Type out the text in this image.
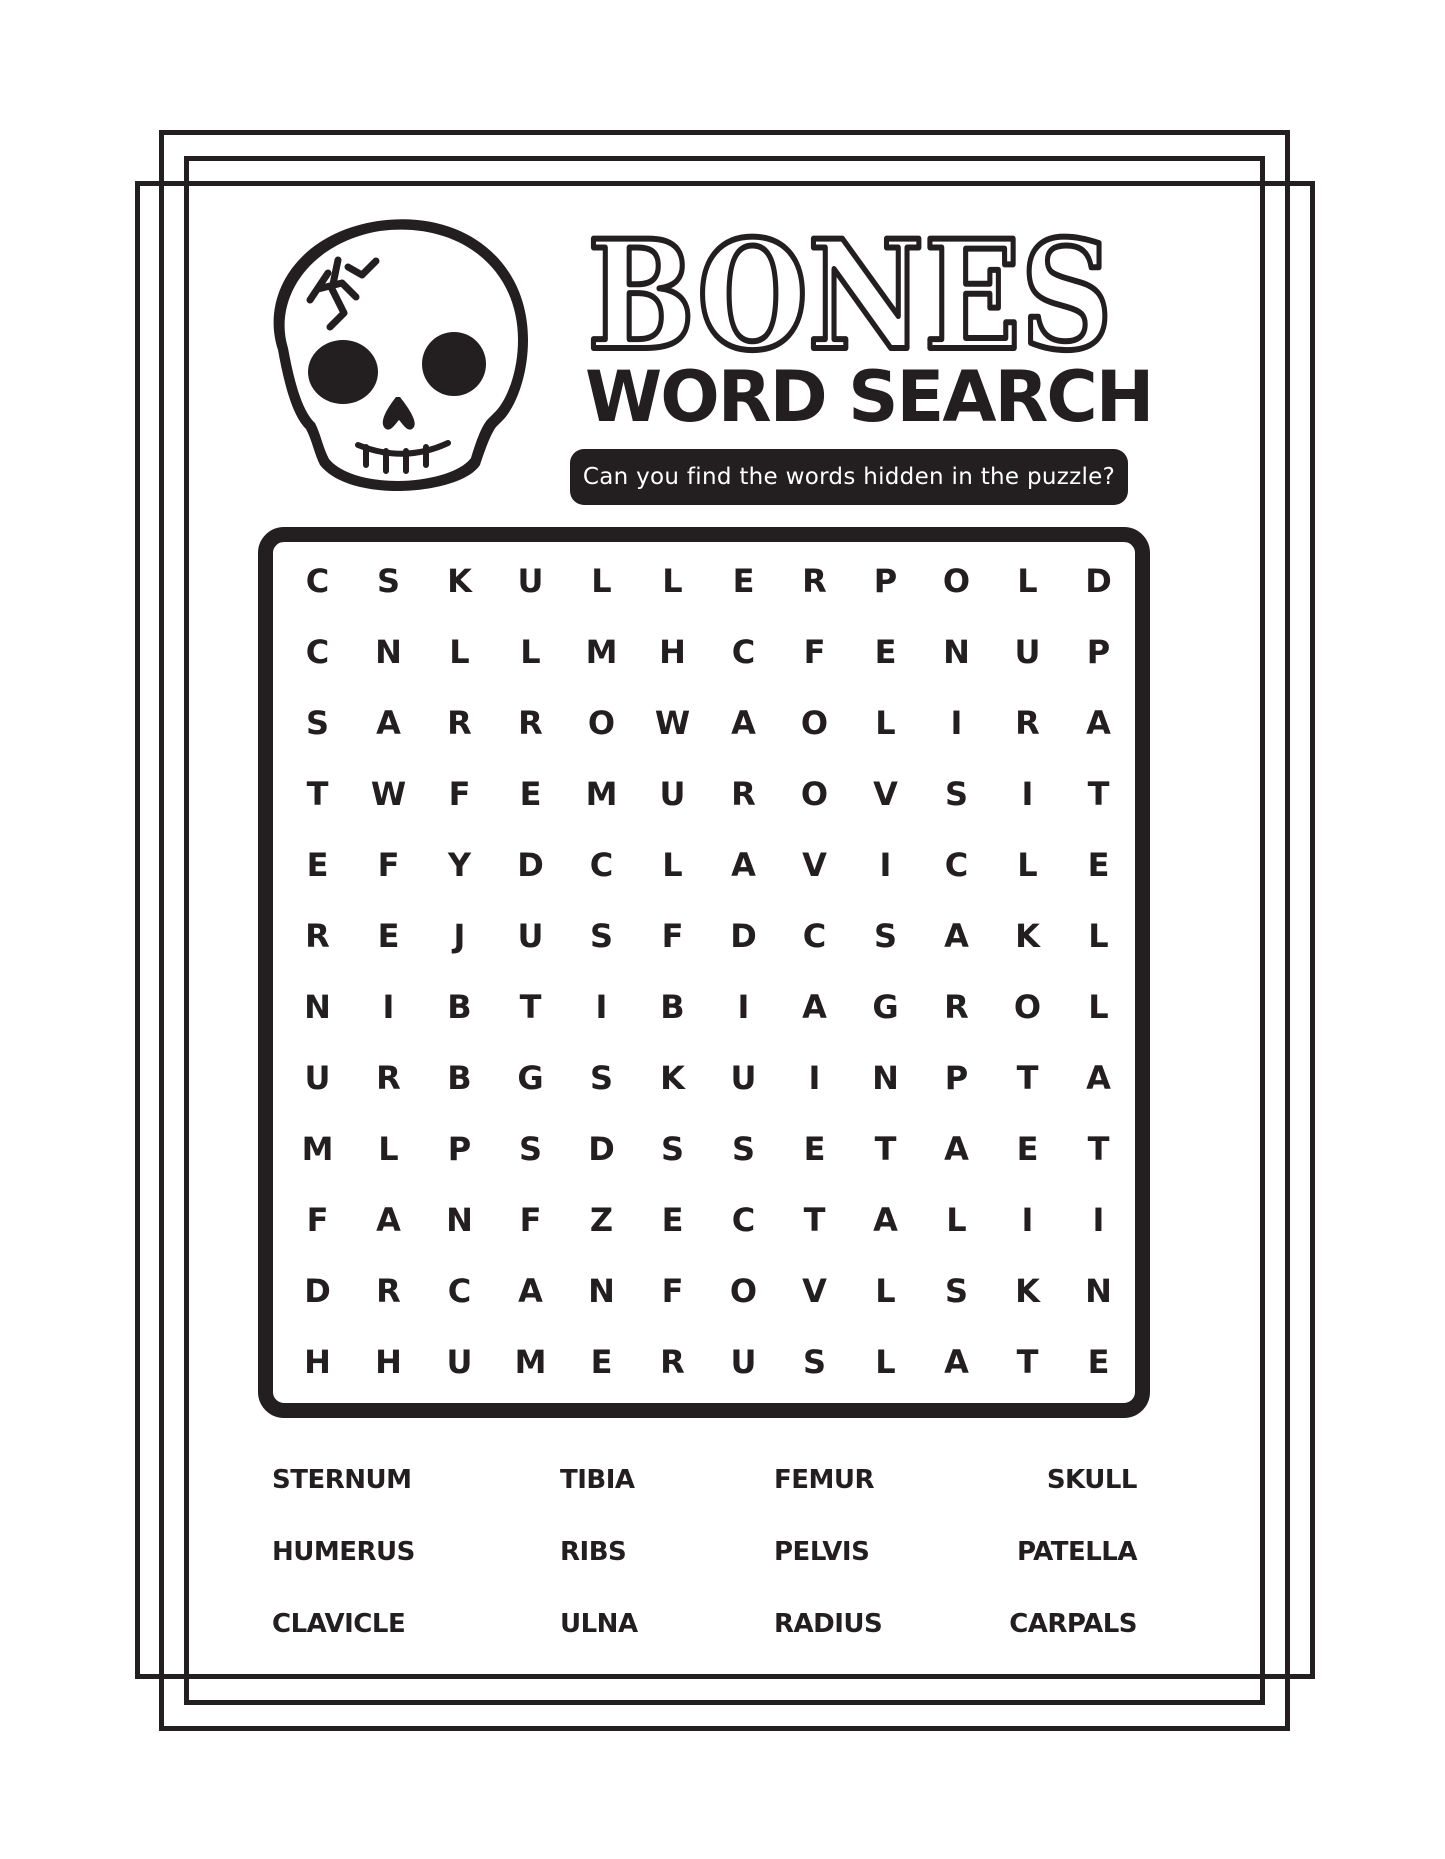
BONES
WORD SEARCH
Can you find the words hidden in the puzzle?
C	S	K	U	L	L	E	R	P	O	L	D
C	N	L	L	M	H	C	F	E	N	U	P
S	A	R	R	O	W	A	O	L	I	R	A
T	W	F	E	M	U	R	O	V	S	I	T
E	F	Y	D	C	L	A	V	I	C	L	E
R	E	J	U	S	F	D	C	S	A	K	L
N	I	B	T	I	B	I	A	G	R	O	L
U	R	B	G	S	K	U	I	N	P	T	A
M	L	P	S	D	S	S	E	T	A	E	T
F	A	N	F	Z	E	C	T	A	L	I	I
D	R	C	A	N	F	O	V	L	S	K	N
H	H	U	M	E	R	U	S	L	A	T	E
STERNUM	TIBIA	FEMUR	SKULL
HUMERUS	RIBS	PELVIS	PATELLA
CLAVICLE	ULNA	RADIUS	CARPALS
